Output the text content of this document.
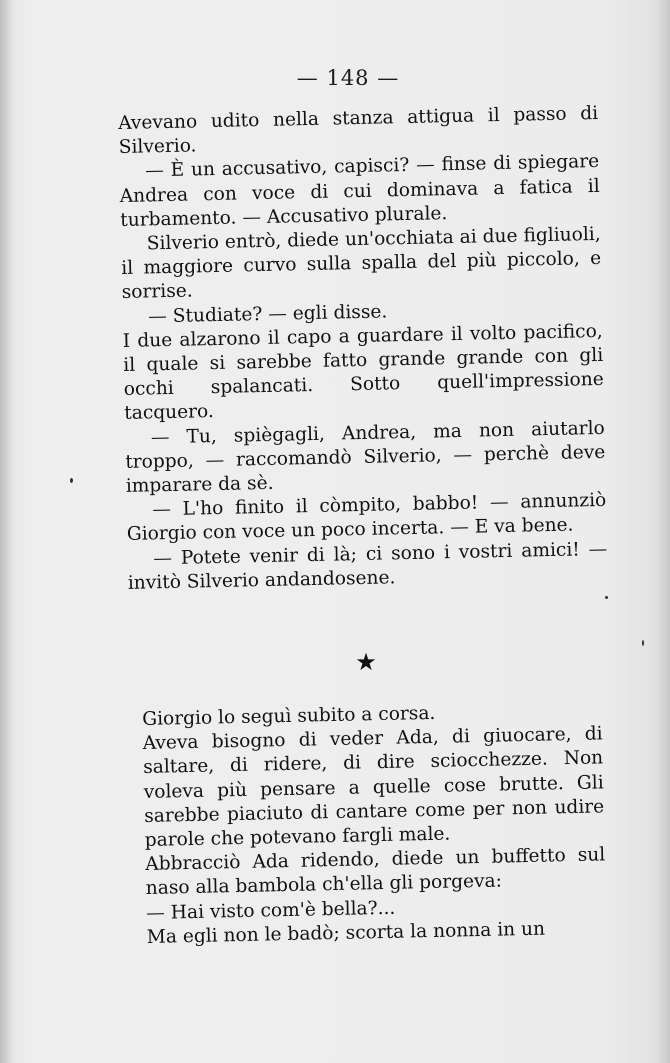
— 148 —

Avevano udito nella stanza attigua il passo di Silverio.

— È un accusativo, capisci? — finse di spiegare Andrea con voce di cui dominava a fatica il turbamento. — Accusativo plurale.

Silverio entrò, diede un'occhiata ai due figliuoli, il maggiore curvo sulla spalla del più piccolo, e sorrise.

— Studiate? — egli disse.

I due alzarono il capo a guardare il volto pacifico, il quale si sarebbe fatto grande grande con gli occhi spalancati. Sotto quell'impressione tacquero.

— Tu, spiègagli, Andrea, ma non aiutarlo troppo, — raccomandò Silverio, — perchè deve imparare da sè.

— L'ho finito il còmpito, babbo! — annunziò Giorgio con voce un poco incerta. — E va bene.

— Potete venir di là; ci sono i vostri amici! — invitò Silverio andandosene.

★

Giorgio lo seguì subito a corsa.

Aveva bisogno di veder Ada, di giuocare, di saltare, di ridere, di dire sciocchezze. Non voleva più pensare a quelle cose brutte. Gli sarebbe piaciuto di cantare come per non udire parole che potevano fargli male.

Abbracciò Ada ridendo, diede un buffetto sul naso alla bambola ch'ella gli porgeva:

— Hai visto com'è bella?...

Ma egli non le badò; scorta la nonna in un
